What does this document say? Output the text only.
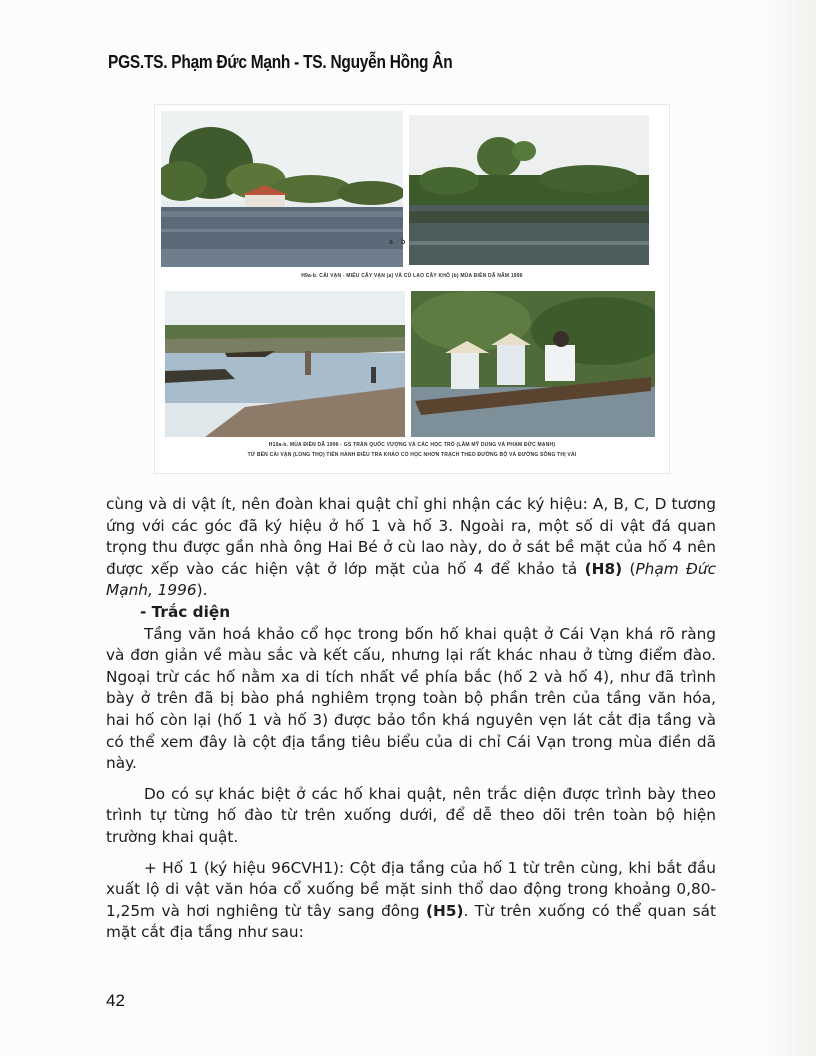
PGS.TS. Phạm Đức Mạnh - TS. Nguyễn Hồng Ân
a b
H9a-b. CÁI VẠN - MIẾU CÂY VẠN (a) VÀ CÙ LAO CÂY KHÔ (b) MÙA ĐIỀN DÃ NĂM 1996
H10a-b. MÙA ĐIỀN DÃ 1996 - GS TRẦN QUỐC VƯỢNG VÀ CÁC HỌC TRÒ (LÂM MỸ DUNG VÀ PHẠM ĐỨC MẠNH)
TỪ BẾN CÁI VẠN (LONG THỌ) TIẾN HÀNH ĐIỀU TRA KHẢO CỔ HỌC NHƠN TRẠCH THEO ĐƯỜNG BỘ VÀ ĐƯỜNG SÔNG THỊ VẢI

cùng và di vật ít, nên đoàn khai quật chỉ ghi nhận các ký hiệu: A, B, C, D tương ứng với các góc đã ký hiệu ở hố 1 và hố 3. Ngoài ra, một số di vật đá quan trọng thu được gần nhà ông Hai Bé ở cù lao này, do ở sát bề mặt của hố 4 nên được xếp vào các hiện vật ở lớp mặt của hố 4 để khảo tả (H8) (Phạm Đức Mạnh, 1996).

- Trắc diện

Tầng văn hoá khảo cổ học trong bốn hố khai quật ở Cái Vạn khá rõ ràng và đơn giản về màu sắc và kết cấu, nhưng lại rất khác nhau ở từng điểm đào. Ngoại trừ các hố nằm xa di tích nhất về phía bắc (hố 2 và hố 4), như đã trình bày ở trên đã bị bào phá nghiêm trọng toàn bộ phần trên của tầng văn hóa, hai hố còn lại (hố 1 và hố 3) được bảo tồn khá nguyên vẹn lát cắt địa tầng và có thể xem đây là cột địa tầng tiêu biểu của di chỉ Cái Vạn trong mùa điền dã này.

Do có sự khác biệt ở các hố khai quật, nên trắc diện được trình bày theo trình tự từng hố đào từ trên xuống dưới, để dễ theo dõi trên toàn bộ hiện trường khai quật.

+ Hố 1 (ký hiệu 96CVH1): Cột địa tầng của hố 1 từ trên cùng, khi bắt đầu xuất lộ di vật văn hóa cổ xuống bề mặt sinh thổ dao động trong khoảng 0,80-1,25m và hơi nghiêng từ tây sang đông (H5). Từ trên xuống có thể quan sát mặt cắt địa tầng như sau:

42
